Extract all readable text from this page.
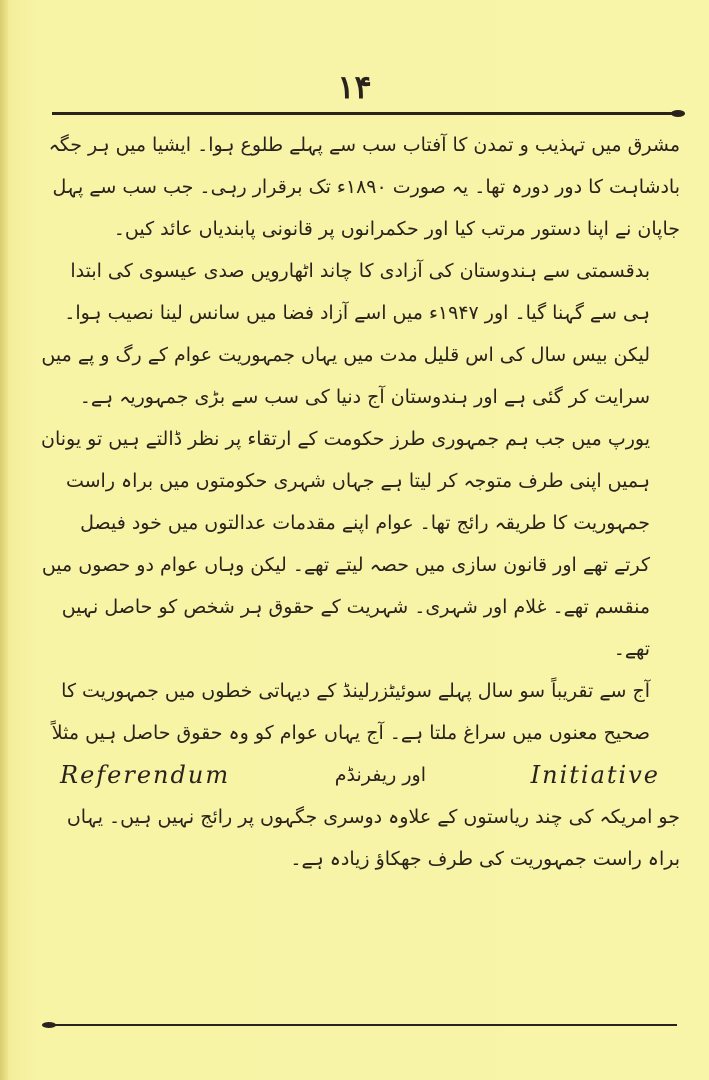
۱۴

مشرق میں تہذیب و تمدن کا آفتاب سب سے پہلے طلوع ہوا۔ ایشیا میں ہر جگہ بادشاہت کا دور دورہ تھا۔ یہ صورت ۱۸۹۰ء تک برقرار رہی۔ جب سب سے پہل جاپان نے اپنا دستور مرتب کیا اور حکمرانوں پر قانونی پابندیاں عائد کیں۔

بدقسمتی سے ہندوستان کی آزادی کا چاند اٹھارویں صدی عیسوی کی ابتدا ہی سے گہنا گیا۔ اور ۱۹۴۷ء میں اسے آزاد فضا میں سانس لینا نصیب ہوا۔ لیکن بیس سال کی اس قلیل مدت میں یہاں جمہوریت عوام کے رگ و پے میں سرایت کر گئی ہے اور ہندوستان آج دنیا کی سب سے بڑی جمہوریہ ہے۔

یورپ میں جب ہم جمہوری طرز حکومت کے ارتقاء پر نظر ڈالتے ہیں تو یونان ہمیں اپنی طرف متوجہ کر لیتا ہے جہاں شہری حکومتوں میں براہ راست جمہوریت کا طریقہ رائج تھا۔ عوام اپنے مقدمات عدالتوں میں خود فیصل کرتے تھے اور قانون سازی میں حصہ لیتے تھے۔ لیکن وہاں عوام دو حصوں میں منقسم تھے۔ غلام اور شہری۔ شہریت کے حقوق ہر شخص کو حاصل نہیں تھے۔

آج سے تقریباً سو سال پہلے سوئیٹزرلینڈ کے دیہاتی خطوں میں جمہوریت کا صحیح معنوں میں سراغ ملتا ہے۔ آج یہاں عوام کو وہ حقوق حاصل ہیں مثلاً

Referendum	اور ریفرنڈم	Initiative

جو امریکہ کی چند ریاستوں کے علاوہ دوسری جگہوں پر رائج نہیں ہیں۔ یہاں براہ راست جمہوریت کی طرف جھکاؤ زیادہ ہے۔
